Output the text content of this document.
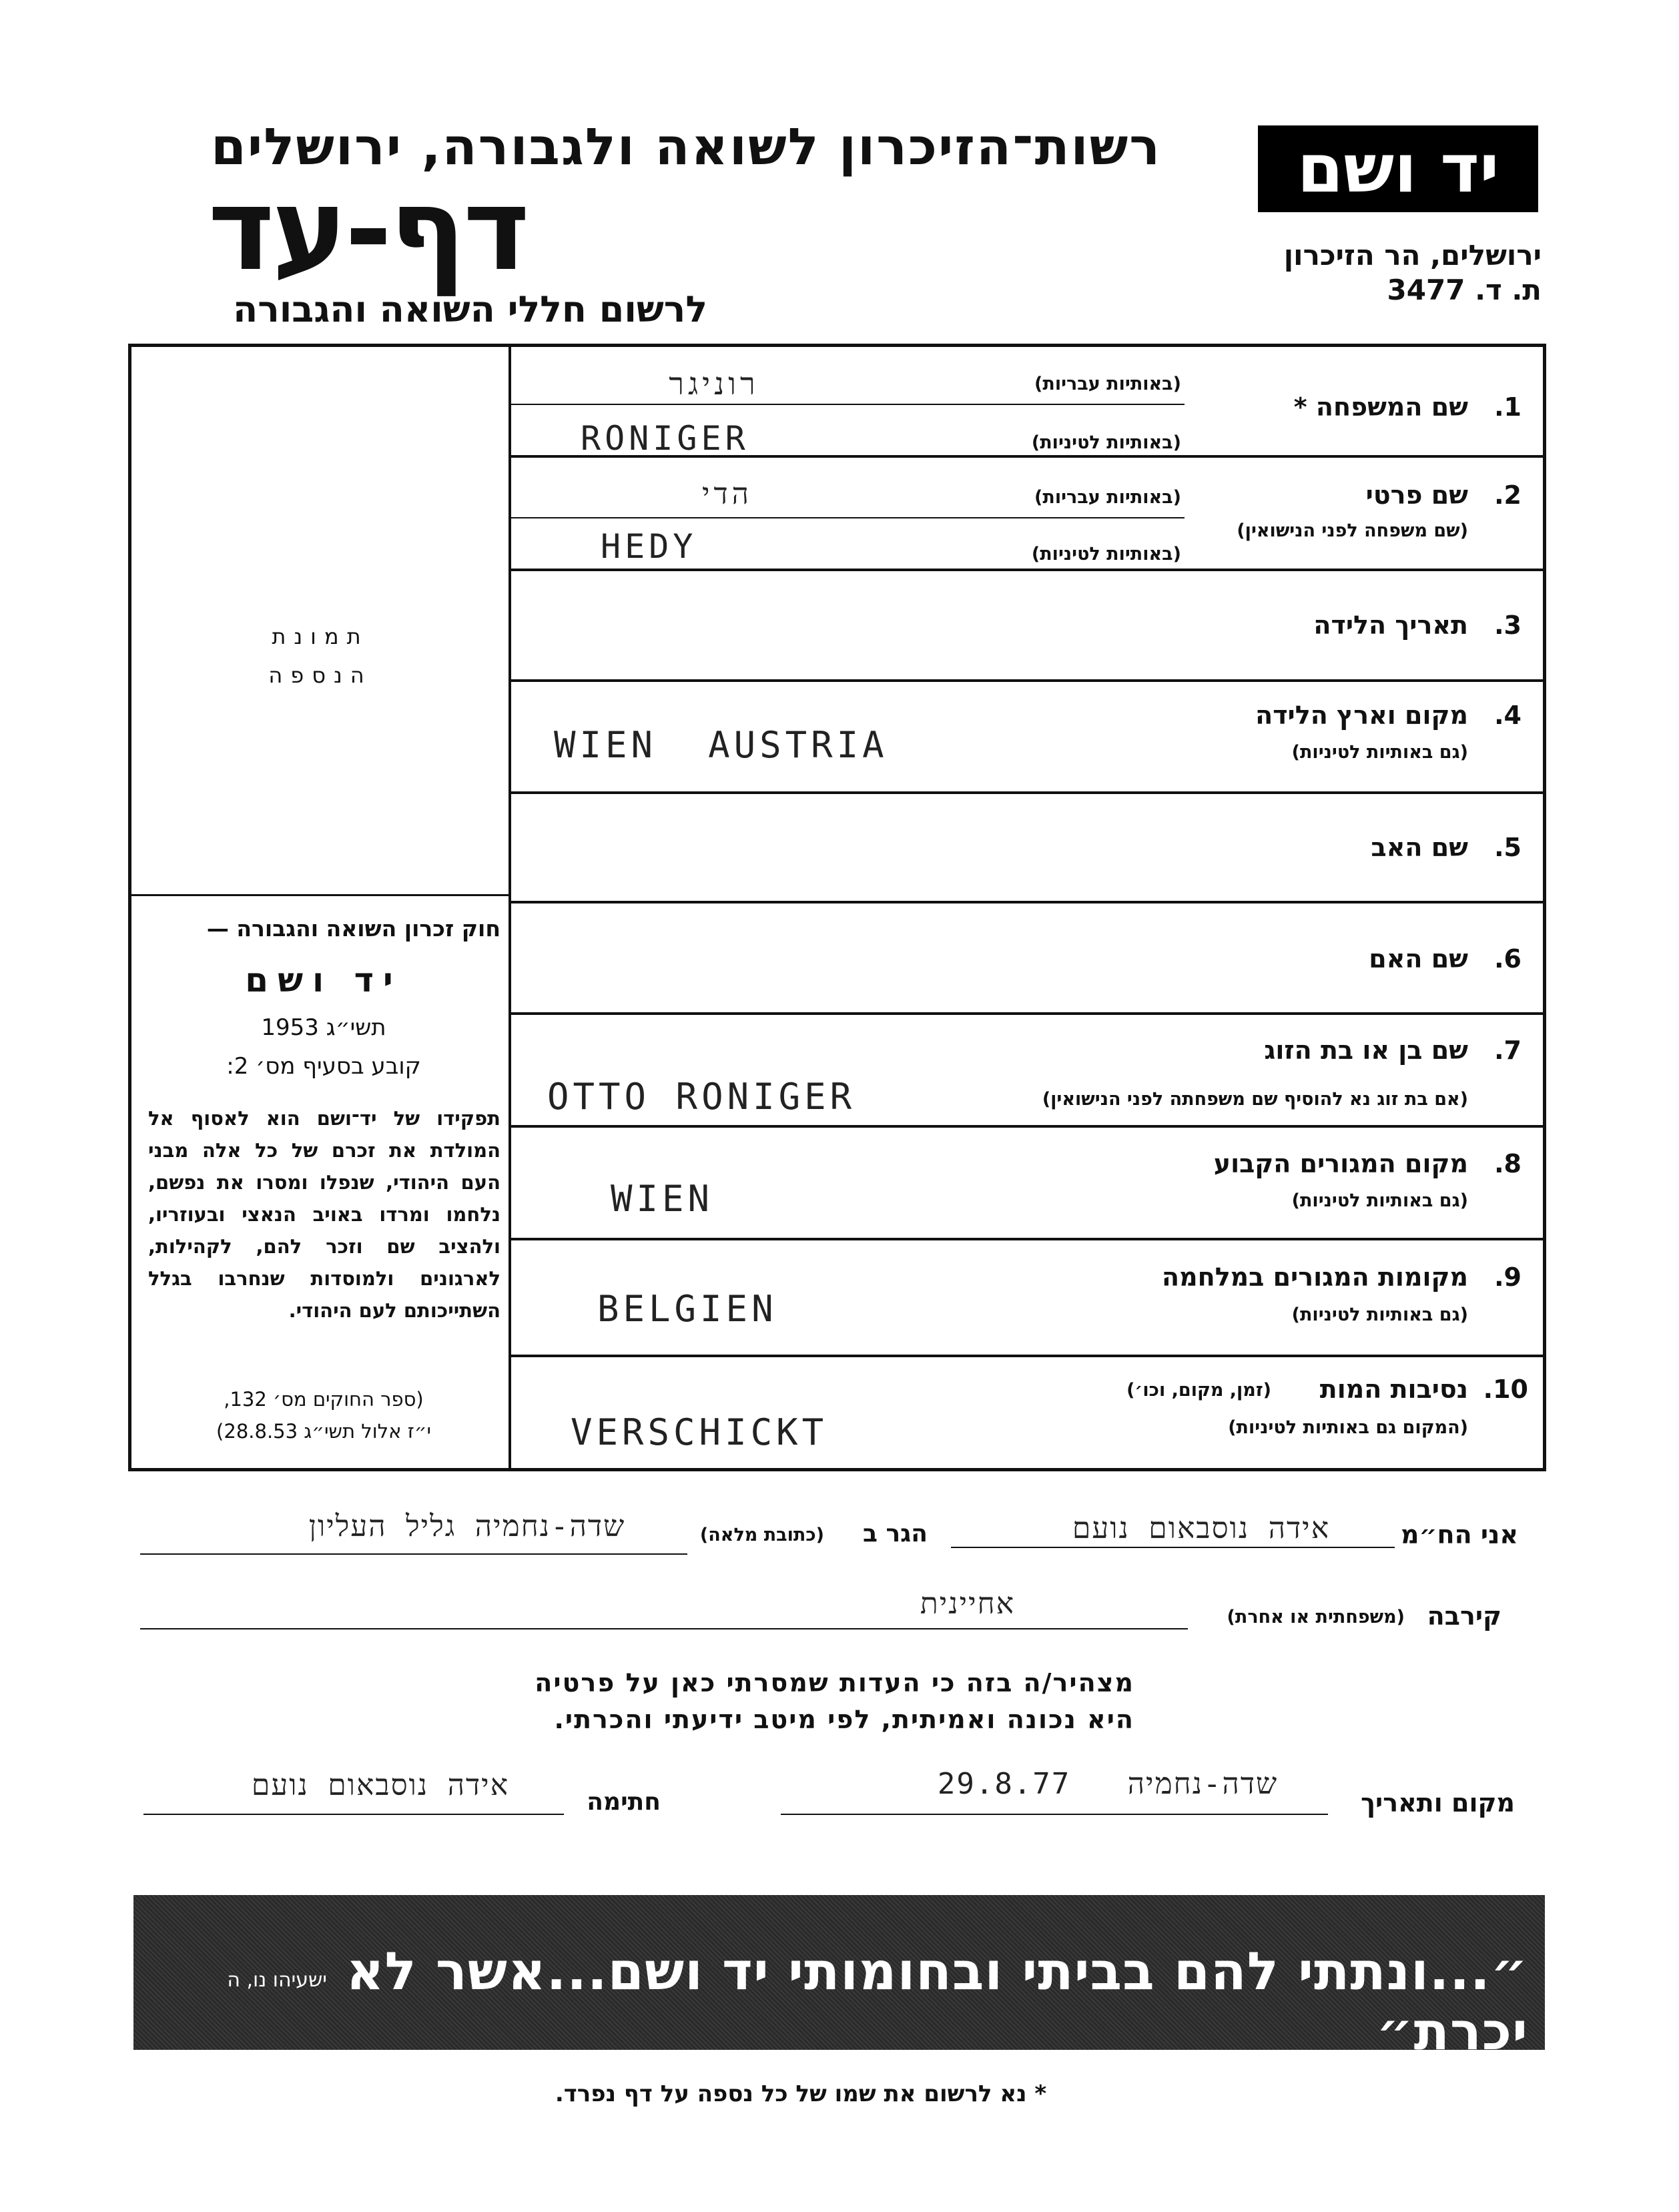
רשות־הזיכרון לשואה ולגבורה, ירושלים
דף-עד
לרשום חללי השואה והגבורה
יד ושם
ירושלים, הר הזיכרון
ת. ד. 3477
תמונת
הנספה
חוק זכרון השואה והגבורה —
יד ושם
תשי״ג 1953
קובע בסעיף מס׳ 2:
תפקידו של יד־ושם הוא לאסוף אל המולדת את זכרם של כל אלה מבני העם היהודי, שנפלו ומסרו את נפשם, נלחמו ומרדו באויב הנאצי ובעוזריו, ולהציב שם וזכר להם, לקהילות, לארגונים ולמוסדות שנחרבו בגלל השתייכותם לעם היהודי.
(ספר החוקים מס׳ 132,
י״ז אלול תשי״ג 28.8.53)
1.
שם המשפחה *
(באותיות עבריות)
(באותיות לטיניות)
רוניגר
RONIGER
2.
שם פרטי
(שם משפחה לפני הנישואין)
(באותיות עבריות)
(באותיות לטיניות)
הדי
HEDY
3.
תאריך הלידה
4.
מקום וארץ הלידה
(גם באותיות לטיניות)
WIEN  AUSTRIA
5.
שם האב
6.
שם האם
7.
שם בן או בת הזוג
(אם בת זוג נא להוסיף שם משפחתה לפני הנישואין)
OTTO RONIGER
8.
מקום המגורים הקבוע
(גם באותיות לטיניות)
WIEN
9.
מקומות המגורים במלחמה
(גם באותיות לטיניות)
BELGIEN
10.
נסיבות המות
(זמן, מקום, וכו׳)
(המקום גם באותיות לטיניות)
VERSCHICKT
אני הח״מ
אידה נוסבאום נועם
הגר ב
(כתובת מלאה)
שדה-נחמיה גליל העליון
קירבה
(משפחתית או אחרת)
אחיינית
מצהיר/ה בזה כי העדות שמסרתי כאן על פרטיה
היא נכונה ואמיתית, לפי מיטב ידיעתי והכרתי.
מקום ותאריך
שדה-נחמיה   29.8.77
חתימה
אידה נוסבאום נועם
״...ונתתי להם בביתי ובחומותי יד ושם...אשר לא יכרת״
ישעיהו נו, ה
* נא לרשום את שמו של כל נספה על דף נפרד.
